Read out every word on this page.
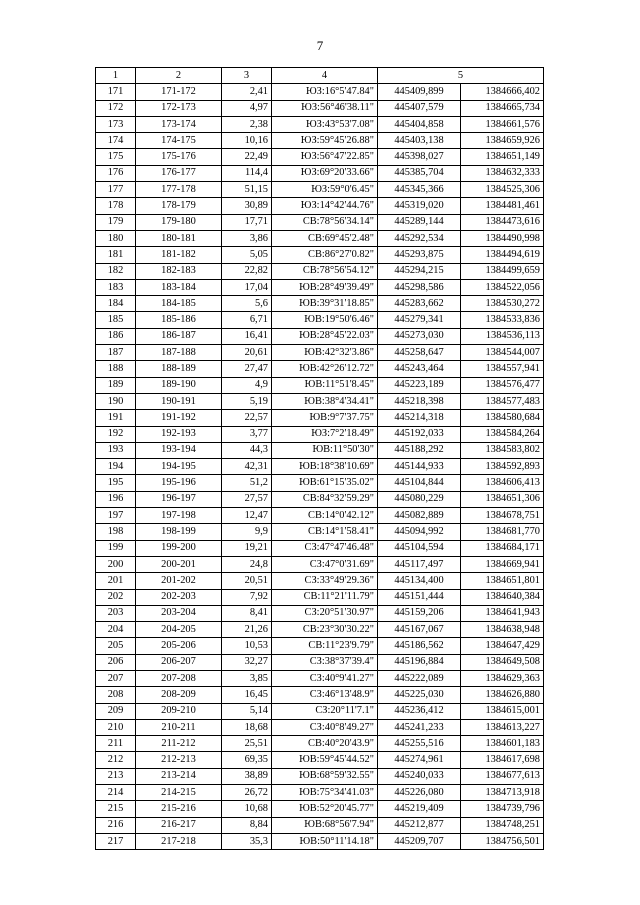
7
1	2	3	4	5	
171	171-172	2,41	ЮЗ:16°5'47.84"	445409,899	1384666,402
172	172-173	4,97	ЮЗ:56°46'38.11"	445407,579	1384665,734
173	173-174	2,38	ЮЗ:43°53'7.08"	445404,858	1384661,576
174	174-175	10,16	ЮЗ:59°45'26.88"	445403,138	1384659,926
175	175-176	22,49	ЮЗ:56°47'22.85"	445398,027	1384651,149
176	176-177	114,4	ЮЗ:69°20'33.66"	445385,704	1384632,333
177	177-178	51,15	ЮЗ:59°0'6.45"	445345,366	1384525,306
178	178-179	30,89	ЮЗ:14°42'44.76"	445319,020	1384481,461
179	179-180	17,71	СВ:78°56'34.14"	445289,144	1384473,616
180	180-181	3,86	СВ:69°45'2.48"	445292,534	1384490,998
181	181-182	5,05	СВ:86°27'0.82"	445293,875	1384494,619
182	182-183	22,82	СВ:78°56'54.12"	445294,215	1384499,659
183	183-184	17,04	ЮВ:28°49'39.49"	445298,586	1384522,056
184	184-185	5,6	ЮВ:39°31'18.85"	445283,662	1384530,272
185	185-186	6,71	ЮВ:19°50'6.46"	445279,341	1384533,836
186	186-187	16,41	ЮВ:28°45'22.03"	445273,030	1384536,113
187	187-188	20,61	ЮВ:42°32'3.86"	445258,647	1384544,007
188	188-189	27,47	ЮВ:42°26'12.72"	445243,464	1384557,941
189	189-190	4,9	ЮВ:11°51'8.45"	445223,189	1384576,477
190	190-191	5,19	ЮВ:38°4'34.41"	445218,398	1384577,483
191	191-192	22,57	ЮВ:9°7'37.75"	445214,318	1384580,684
192	192-193	3,77	ЮЗ:7°2'18.49"	445192,033	1384584,264
193	193-194	44,3	ЮВ:11°50'30"	445188,292	1384583,802
194	194-195	42,31	ЮВ:18°38'10.69"	445144,933	1384592,893
195	195-196	51,2	ЮВ:61°15'35.02"	445104,844	1384606,413
196	196-197	27,57	СВ:84°32'59.29"	445080,229	1384651,306
197	197-198	12,47	СВ:14°0'42.12"	445082,889	1384678,751
198	198-199	9,9	СВ:14°1'58.41"	445094,992	1384681,770
199	199-200	19,21	СЗ:47°47'46.48"	445104,594	1384684,171
200	200-201	24,8	СЗ:47°0'31.69"	445117,497	1384669,941
201	201-202	20,51	СЗ:33°49'29.36"	445134,400	1384651,801
202	202-203	7,92	СВ:11°21'11.79"	445151,444	1384640,384
203	203-204	8,41	СЗ:20°51'30.97"	445159,206	1384641,943
204	204-205	21,26	СВ:23°30'30.22"	445167,067	1384638,948
205	205-206	10,53	СВ:11°23'9.79"	445186,562	1384647,429
206	206-207	32,27	СЗ:38°37'39.4"	445196,884	1384649,508
207	207-208	3,85	СЗ:40°9'41.27"	445222,089	1384629,363
208	208-209	16,45	СЗ:46°13'48.9"	445225,030	1384626,880
209	209-210	5,14	СЗ:20°11'7.1"	445236,412	1384615,001
210	210-211	18,68	СЗ:40°8'49.27"	445241,233	1384613,227
211	211-212	25,51	СВ:40°20'43.9"	445255,516	1384601,183
212	212-213	69,35	ЮВ:59°45'44.52"	445274,961	1384617,698
213	213-214	38,89	ЮВ:68°59'32.55"	445240,033	1384677,613
214	214-215	26,72	ЮВ:75°34'41.03"	445226,080	1384713,918
215	215-216	10,68	ЮВ:52°20'45.77"	445219,409	1384739,796
216	216-217	8,84	ЮВ:68°56'7.94"	445212,877	1384748,251
217	217-218	35,3	ЮВ:50°11'14.18"	445209,707	1384756,501
